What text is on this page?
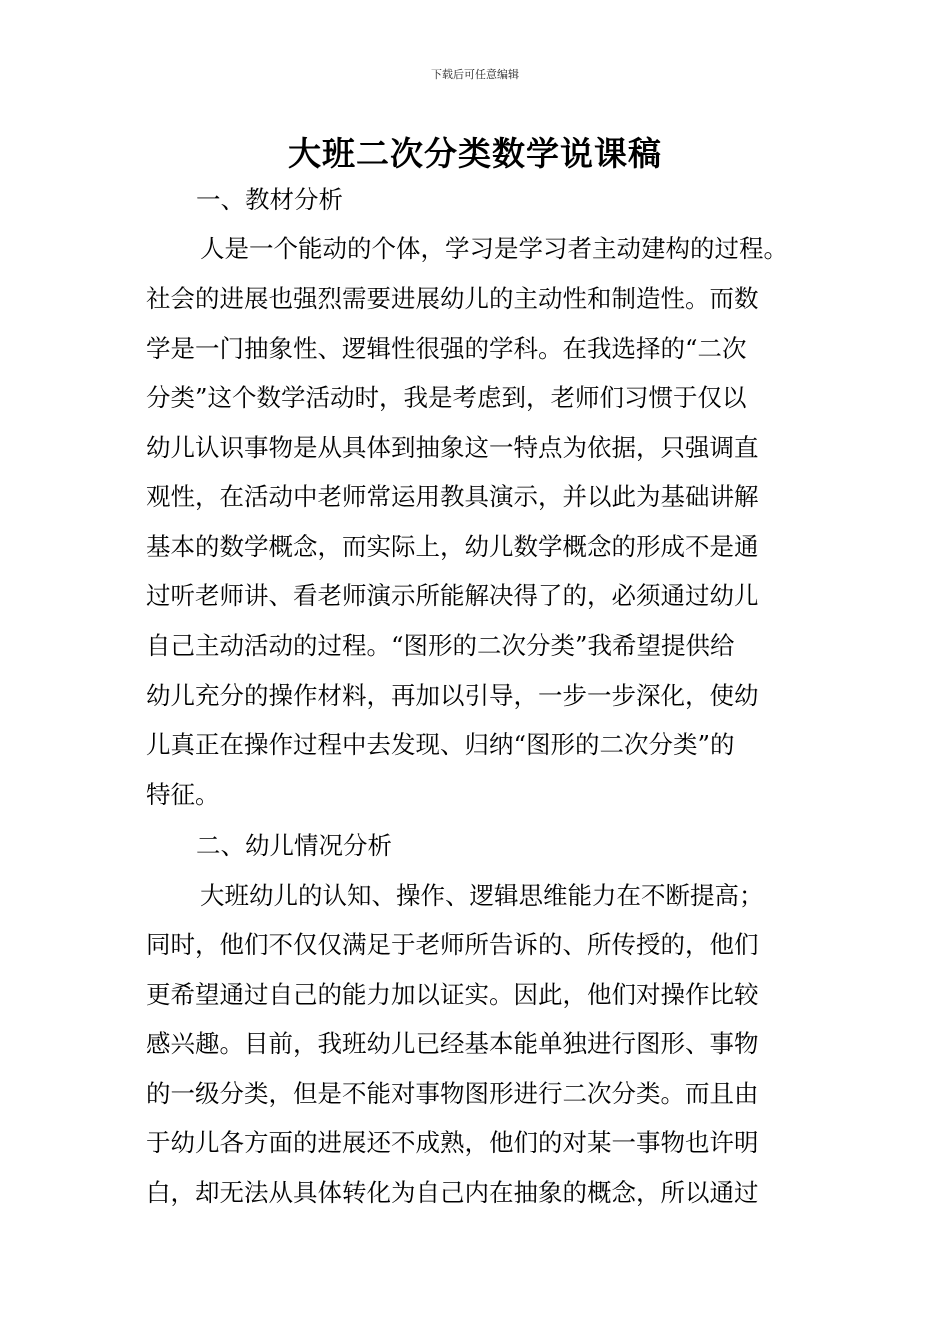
下载后可任意编辑
大班二次分类数学说课稿
一、教材分析
人是一个能动的个体，学习是学习者主动建构的过程。
社会的进展也强烈需要进展幼儿的主动性和制造性。而数
学是一门抽象性、逻辑性很强的学科。在我选择的“二次
分类”这个数学活动时，我是考虑到，老师们习惯于仅以
幼儿认识事物是从具体到抽象这一特点为依据，只强调直
观性，在活动中老师常运用教具演示，并以此为基础讲解
基本的数学概念，而实际上，幼儿数学概念的形成不是通
过听老师讲、看老师演示所能解决得了的，必须通过幼儿
自己主动活动的过程。“图形的二次分类”我希望提供给
幼儿充分的操作材料，再加以引导，一步一步深化，使幼
儿真正在操作过程中去发现、归纳“图形的二次分类”的
特征。
二、幼儿情况分析
大班幼儿的认知、操作、逻辑思维能力在不断提高；
同时，他们不仅仅满足于老师所告诉的、所传授的，他们
更希望通过自己的能力加以证实。因此，他们对操作比较
感兴趣。目前，我班幼儿已经基本能单独进行图形、事物
的一级分类，但是不能对事物图形进行二次分类。而且由
于幼儿各方面的进展还不成熟，他们的对某一事物也许明
白，却无法从具体转化为自己内在抽象的概念，所以通过
